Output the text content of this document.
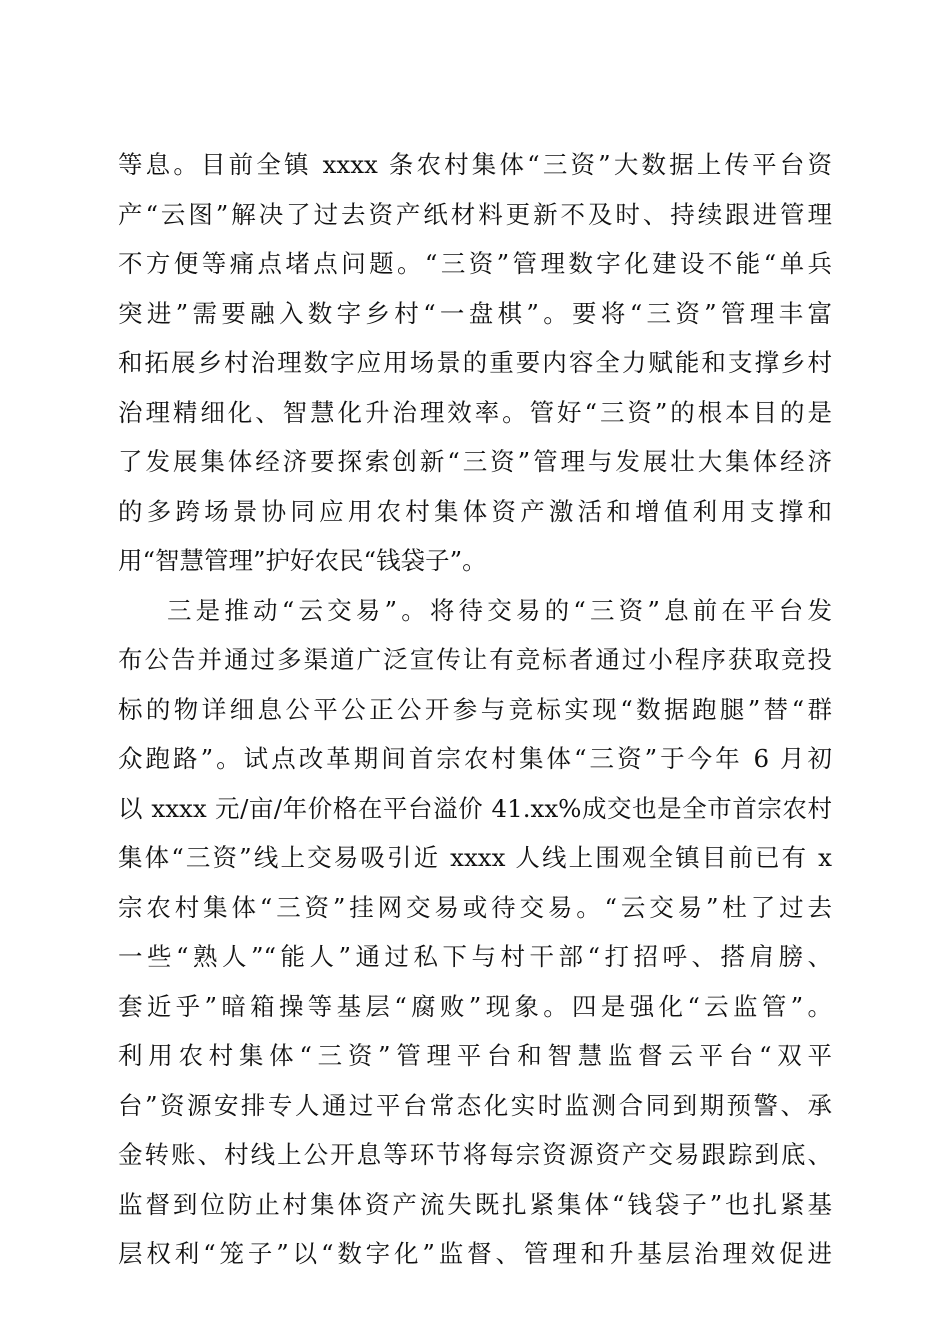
等息。目前全镇 xxxx 条农村集体“三资”大数据上传平台资
产“云图”解决了过去资产纸材料更新不及时、持续跟进管理
不方便等痛点堵点问题。“三资”管理数字化建设不能“单兵
突进”需要融入数字乡村“一盘棋”。要将“三资”管理丰富
和拓展乡村治理数字应用场景的重要内容全力赋能和支撑乡村
治理精细化、智慧化升治理效率。管好“三资”的根本目的是
了发展集体经济要探索创新“三资”管理与发展壮大集体经济
的多跨场景协同应用农村集体资产激活和增值利用支撑和
用“智慧管理”护好农民“钱袋子”。
三是推动“云交易”。将待交易的“三资”息前在平台发
布公告并通过多渠道广泛宣传让有竞标者通过小程序获取竞投
标的物详细息公平公正公开参与竞标实现“数据跑腿”替“群
众跑路”。试点改革期间首宗农村集体“三资”于今年 6 月初
以 xxxx 元/亩/年价格在平台溢价 41.xx%成交也是全市首宗农村
集体“三资”线上交易吸引近 xxxx 人线上围观全镇目前已有 x
宗农村集体“三资”挂网交易或待交易。“云交易”杜了过去
一些“熟人”“能人”通过私下与村干部“打招呼、搭肩膀、
套近乎”暗箱操等基层“腐败”现象。四是强化“云监管”。
利用农村集体“三资”管理平台和智慧监督云平台“双平
台”资源安排专人通过平台常态化实时监测合同到期预警、承
金转账、村线上公开息等环节将每宗资源资产交易跟踪到底、
监督到位防止村集体资产流失既扎紧集体“钱袋子”也扎紧基
层权利“笼子”以“数字化”监督、管理和升基层治理效促进
